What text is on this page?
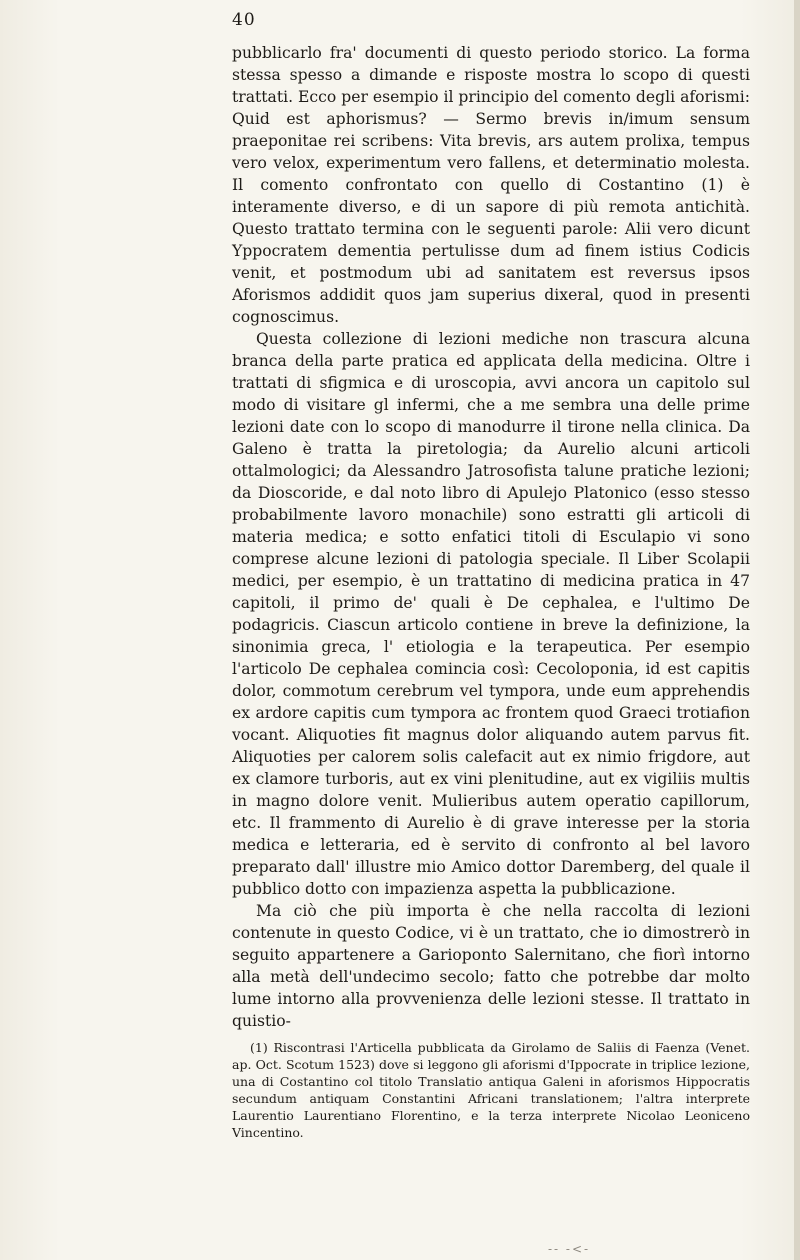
40

pubblicarlo fra' documenti di questo periodo storico. La forma stessa spesso a dimande e risposte mostra lo scopo di questi trattati. Ecco per esempio il principio del comento degli aforismi: Quid est aphorismus? — Sermo brevis in/imum sensum praeponitae rei scribens: Vita brevis, ars autem prolixa, tempus vero velox, experimentum vero fallens, et determinatio molesta. Il comento confrontato con quello di Costantino (1) è interamente diverso, e di un sapore di più remota antichità. Questo trattato termina con le seguenti parole: Alii vero dicunt Yppocratem dementia pertulisse dum ad finem istius Codicis venit, et postmodum ubi ad sanitatem est reversus ipsos Aforismos addidit quos jam superius dixeral, quod in presenti cognoscimus.

Questa collezione di lezioni mediche non trascura alcuna branca della parte pratica ed applicata della medicina. Oltre i trattati di sfigmica e di uroscopia, avvi ancora un capitolo sul modo di visitare gl infermi, che a me sembra una delle prime lezioni date con lo scopo di manodurre il tirone nella clinica. Da Galeno è tratta la piretologia; da Aurelio alcuni articoli ottalmologici; da Alessandro Jatrosofista talune pratiche lezioni; da Dioscoride, e dal noto libro di Apulejo Platonico (esso stesso probabilmente lavoro monachile) sono estratti gli articoli di materia medica; e sotto enfatici titoli di Esculapio vi sono comprese alcune lezioni di patologia speciale. Il Liber Scolapii medici, per esempio, è un trattatino di medicina pratica in 47 capitoli, il primo de' quali è De cephalea, e l'ultimo De podagricis. Ciascun articolo contiene in breve la definizione, la sinonimia greca, l' etiologia e la terapeutica. Per esempio l'articolo De cephalea comincia così: Cecoloponia, id est capitis dolor, commotum cerebrum vel tympora, unde eum apprehendis ex ardore capitis cum tympora ac frontem quod Graeci trotiafion vocant. Aliquoties fit magnus dolor aliquando autem parvus fit. Aliquoties per calorem solis calefacit aut ex nimio frigdore, aut ex clamore turboris, aut ex vini plenitudine, aut ex vigiliis multis in magno dolore venit. Mulieribus autem operatio capillorum, etc. Il frammento di Aurelio è di grave interesse per la storia medica e letteraria, ed è servito di confronto al bel lavoro preparato dall' illustre mio Amico dottor Daremberg, del quale il pubblico dotto con impazienza aspetta la pubblicazione.

Ma ciò che più importa è che nella raccolta di lezioni contenute in questo Codice, vi è un trattato, che io dimostrerò in seguito appartenere a Garioponto Salernitano, che fiorì intorno alla metà dell'undecimo secolo; fatto che potrebbe dar molto lume intorno alla provvenienza delle lezioni stesse. Il trattato in quistio-

(1) Riscontrasi l'Articella pubblicata da Girolamo de Saliis di Faenza (Venet. ap. Oct. Scotum 1523) dove si leggono gli aforismi d'Ippocrate in triplice lezione, una di Costantino col titolo Translatio antiqua Galeni in aforismos Hippocratis secundum antiquam Constantini Africani translationem; l'altra interprete Laurentio Laurentiano Florentino, e la terza interprete Nicolao Leoniceno Vincentino.

-- -<-
